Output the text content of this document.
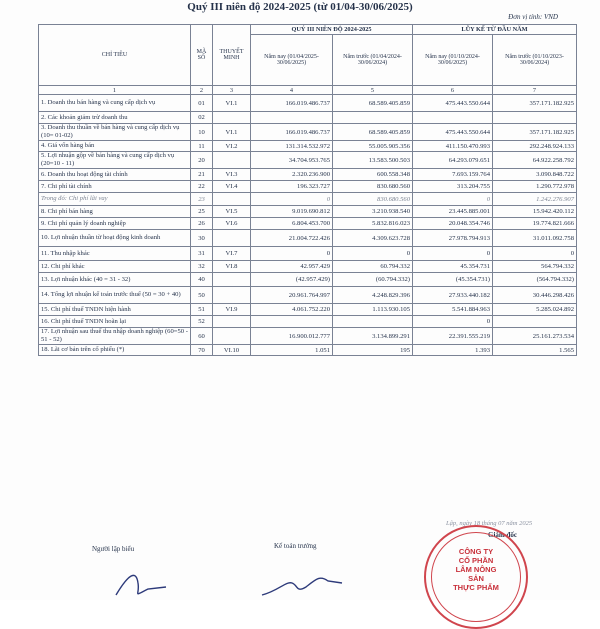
Quý III niên độ 2024-2025 (từ 01/04-30/06/2025)
Đơn vị tính: VND
CHỈ TIÊU	MÃ SỐ	THUYẾT MINH	QUÝ III NIÊN ĐỘ 2024-2025		LŨY KẾ TỪ ĐẦU NĂM	
			Năm nay (01/04/2025-30/06/2025)	Năm trước (01/04/2024-30/06/2024)	Năm nay (01/10/2024-30/06/2025)	Năm trước (01/10/2023-30/06/2024)
1	2	3	4	5	6	7
1. Doanh thu bán hàng và cung cấp dịch vụ	01	VI.1	166.019.486.737	68.589.405.859	475.443.550.644	357.171.182.925
2. Các khoản giảm trừ doanh thu	02					
3. Doanh thu thuần về bán hàng và cung cấp dịch vụ (10= 01-02)	10	VI.1	166.019.486.737	68.589.405.859	475.443.550.644	357.171.182.925
4. Giá vốn hàng bán	11	VI.2	131.314.532.972	55.005.905.356	411.150.470.993	292.248.924.133
5. Lợi nhuận gộp về bán hàng và cung cấp dịch vụ (20=10 - 11)	20		34.704.953.765	13.583.500.503	64.293.079.651	64.922.258.792
6. Doanh thu hoạt động tài chính	21	VI.3	2.320.236.900	600.558.348	7.693.159.764	3.090.848.722
7. Chi phí tài chính	22	VI.4	196.323.727	830.680.560	313.204.755	1.290.772.978
Trong đó: Chi phí lãi vay	23		0	830.680.560	0	1.242.276.907
8. Chi phí bán hàng	25	VI.5	9.019.690.812	3.210.938.540	23.445.885.001	15.942.420.112
9. Chi phí quản lý doanh nghiệp	26	VI.6	6.804.453.700	5.832.816.023	20.048.354.746	19.774.821.666
10. Lợi nhuận thuần từ hoạt động kinh doanh	30		21.004.722.426	4.309.623.728	27.978.794.913	31.011.092.758
11. Thu nhập khác	31	VI.7	0	0	0	0
12. Chi phí khác	32	VI.8	42.957.429	60.794.332	45.354.731	564.794.332
13. Lợi nhuận khác (40 = 31 - 32)	40		(42.957.429)	(60.794.332)	(45.354.731)	(564.794.332)
14. Tổng lợi nhuận kế toán trước thuế (50 = 30 + 40)	50		20.961.764.997	4.248.829.396	27.933.440.182	30.446.298.426
15. Chi phí thuế TNDN hiện hành	51	VI.9	4.061.752.220	1.113.930.105	5.541.884.963	5.285.024.892
16. Chi phí thuế TNDN hoãn lại	52				0	
17. Lợi nhuận sau thuế thu nhập doanh nghiệp (60=50 - 51 - 52)	60		16.900.012.777	3.134.899.291	22.391.555.219	25.161.273.534
18. Lãi cơ bản trên cổ phiếu (*)	70	VI.10	1.051	195	1.393	1.565
Lập, ngày 18 tháng 07 năm 2025
Người lập biểu	Kế toán trưởng
Giám đốc
CÔNG TY
CỔ PHẦN
LÂM NÔNG SẢN
THỰC PHẨM
